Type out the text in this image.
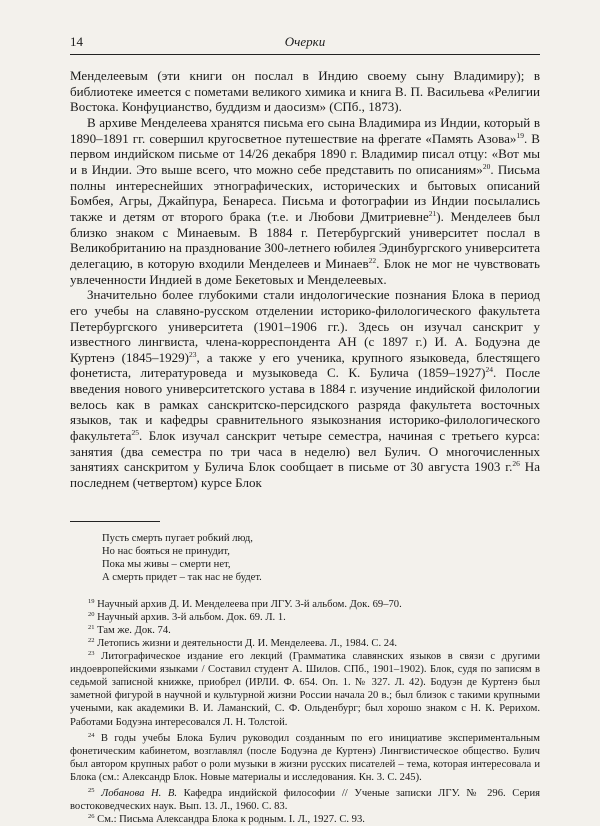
14	Очерки

Менделеевым (эти книги он послал в Индию своему сыну Владимиру); в библиотеке имеется с пометами великого химика и книга В. П. Васильева «Религии Востока. Конфуцианство, буддизм и даосизм» (СПб., 1873).

В архиве Менделеева хранятся письма его сына Владимира из Индии, который в 1890–1891 гг. совершил кругосветное путешествие на фрегате «Память Азова»$^{19}$. В первом индийском письме от 14/26 декабря 1890 г. Владимир писал отцу: «Вот мы и в Индии. Это выше всего, что можно себе представить по описаниям»$^{20}$. Письма полны интереснейших этнографических, исторических и бытовых описаний Бомбея, Агры, Джайпура, Бенареса. Письма и фотографии из Индии посылались также и детям от второго брака (т.е. и Любови Дмитриевне$^{21}$). Менделеев был близко знаком с Минаевым. В 1884 г. Петербургский университет послал в Великобританию на празднование 300-летнего юбилея Эдинбургского университета делегацию, в которую входили Менделеев и Минаев$^{22}$. Блок не мог не чувствовать увлеченности Индией в доме Бекетовых и Менделеевых.

Значительно более глубокими стали индологические познания Блока в период его учебы на славяно-русском отделении историко-филологического факультета Петербургского университета (1901–1906 гг.). Здесь он изучал санскрит у известного лингвиста, члена-корреспондента АН (с 1897 г.) И. А. Бодуэна де Куртенэ (1845–1929)$^{23}$, а также у его ученика, крупного языковеда, блестящего фонетиста, литературоведа и музыковеда С. К. Булича (1859–1927)$^{24}$. После введения нового университетского устава в 1884 г. изучение индийской филологии велось как в рамках санскритско-персидского разряда факультета восточных языков, так и кафедры сравнительного языкознания историко-филологического факультета$^{25}$. Блок изучал санскрит четыре семестра, начиная с третьего курса: занятия (два семестра по три часа в неделю) вел Булич. О многочисленных занятиях санскритом у Булича Блок сообщает в письме от 30 августа 1903 г.$^{26}$ На последнем (четвертом) курсе Блок

Пусть смерть пугает робкий люд,
Но нас бояться не принудит,
Пока мы живы – смерти нет,
А смерть придет – так нас не будет.
$^{19}$ Научный архив Д. И. Менделеева при ЛГУ. 3-й альбом. Док. 69–70.
$^{20}$ Научный архив. 3-й альбом. Док. 69. Л. 1.
$^{21}$ Там же. Док. 74.
$^{22}$ Летопись жизни и деятельности Д. И. Менделеева. Л., 1984. С. 24.
$^{23}$ Литографическое издание его лекций (Грамматика славянских языков в связи с другими индоевропейскими языками / Составил студент А. Шилов. СПб., 1901–1902). Блок, судя по записям в седьмой записной книжке, приобрел (ИРЛИ. Ф. 654. Оп. 1. № 327. Л. 42). Бодуэн де Куртенэ был заметной фигурой в научной и культурной жизни России начала 20 в.; был близок с такими крупными учеными, как академики В. И. Ламанский, С. Ф. Ольденбург; был хорошо знаком с Н. К. Рерихом. Работами Бодуэна интересовался Л. Н. Толстой.
$^{24}$ В годы учебы Блока Булич руководил созданным по его инициативе экспериментальным фонетическим кабинетом, возглавлял (после Бодуэна де Куртенэ) Лингвистическое общество. Булич был автором крупных работ о роли музыки в жизни русских писателей – тема, которая интересовала и Блока (см.: Александр Блок. Новые материалы и исследования. Кн. 3. С. 245).
$^{25}$ Лобанова Н. В. Кафедра индийской философии // Ученые записки ЛГУ. № 296. Серия востоковедческих наук. Вып. 13. Л., 1960. С. 83.
$^{26}$ См.: Письма Александра Блока к родным. I. Л., 1927. С. 93.
